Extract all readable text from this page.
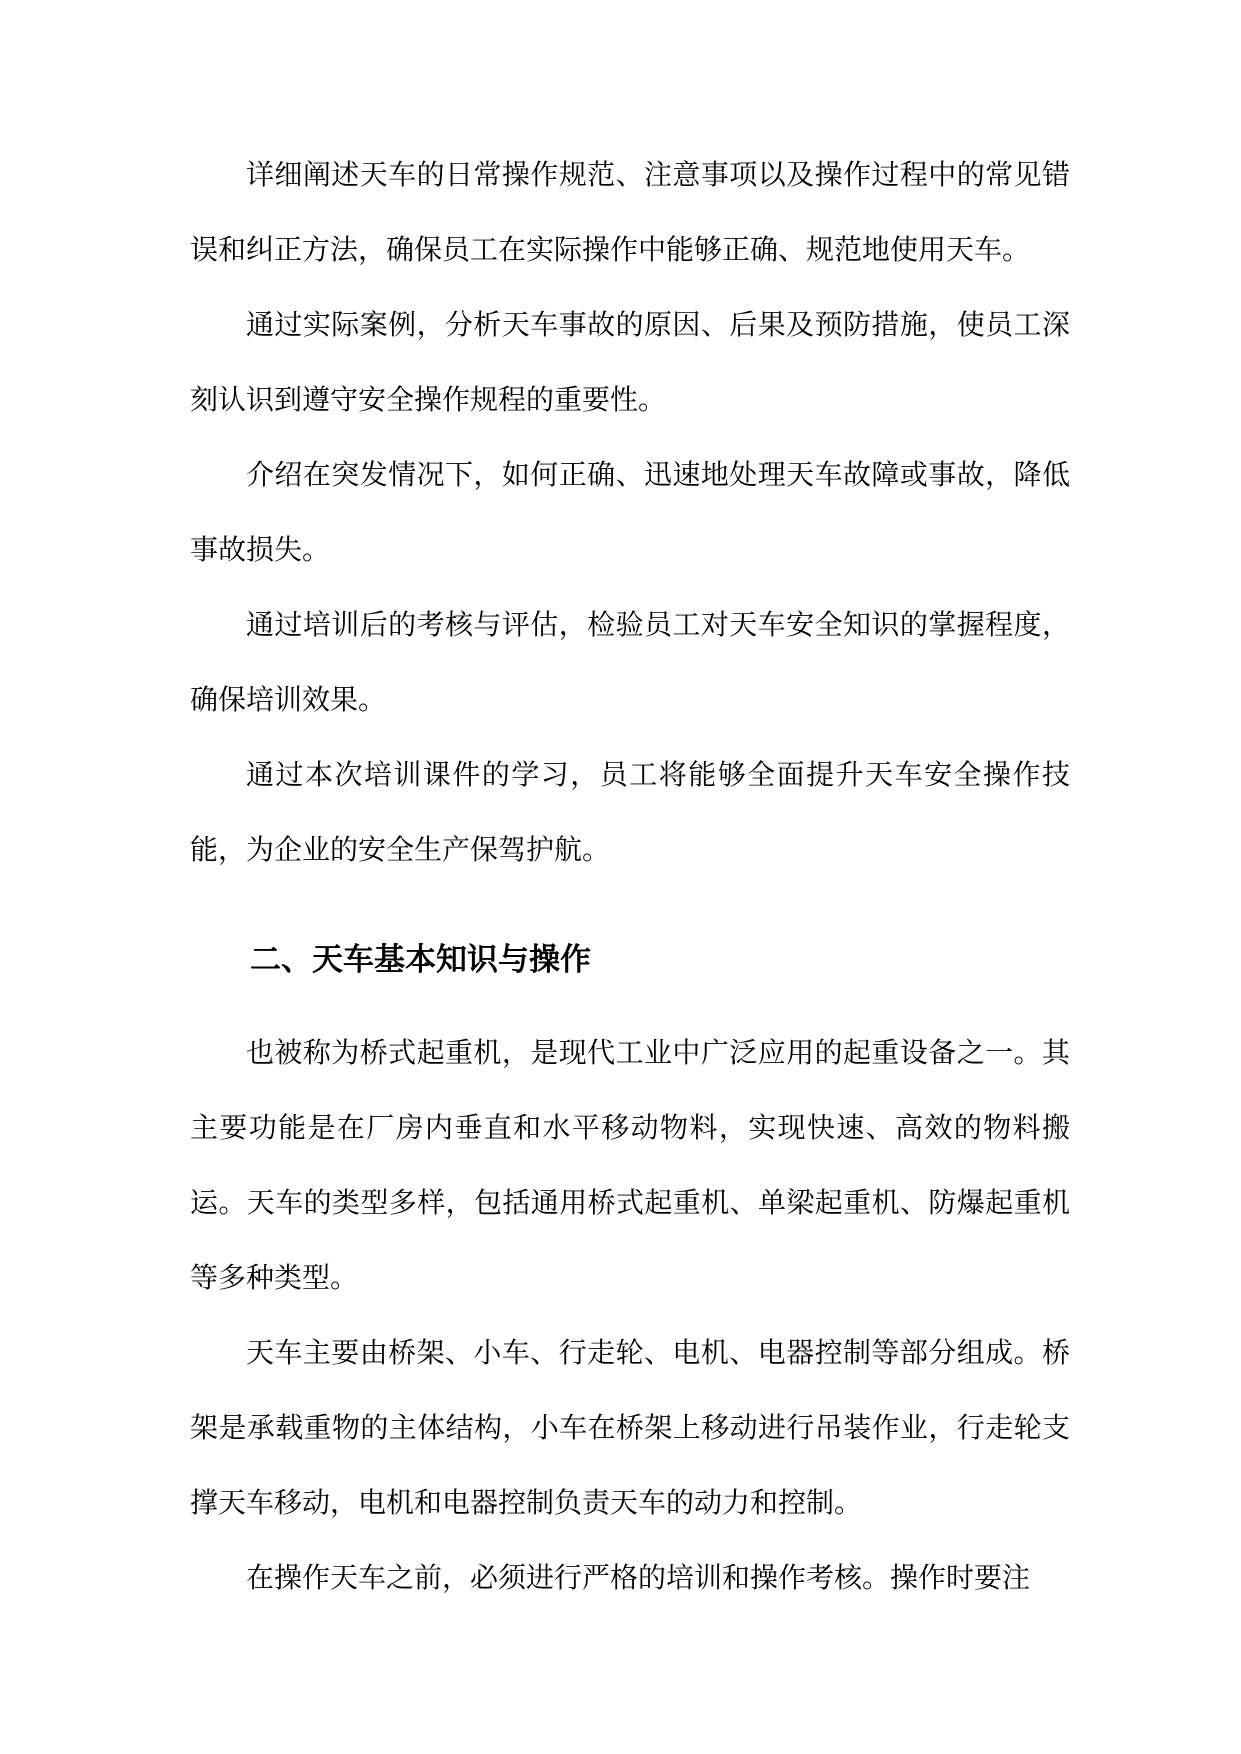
详细阐述天车的日常操作规范、注意事项以及操作过程中的常见错误和纠正方法，确保员工在实际操作中能够正确、规范地使用天车。

通过实际案例，分析天车事故的原因、后果及预防措施，使员工深刻认识到遵守安全操作规程的重要性。

介绍在突发情况下，如何正确、迅速地处理天车故障或事故，降低事故损失。

通过培训后的考核与评估，检验员工对天车安全知识的掌握程度，确保培训效果。

通过本次培训课件的学习，员工将能够全面提升天车安全操作技能，为企业的安全生产保驾护航。

二、天车基本知识与操作

也被称为桥式起重机，是现代工业中广泛应用的起重设备之一。其主要功能是在厂房内垂直和水平移动物料，实现快速、高效的物料搬运。天车的类型多样，包括通用桥式起重机、单梁起重机、防爆起重机等多种类型。

天车主要由桥架、小车、行走轮、电机、电器控制等部分组成。桥架是承载重物的主体结构，小车在桥架上移动进行吊装作业，行走轮支撑天车移动，电机和电器控制负责天车的动力和控制。

在操作天车之前，必须进行严格的培训和操作考核。操作时要注
